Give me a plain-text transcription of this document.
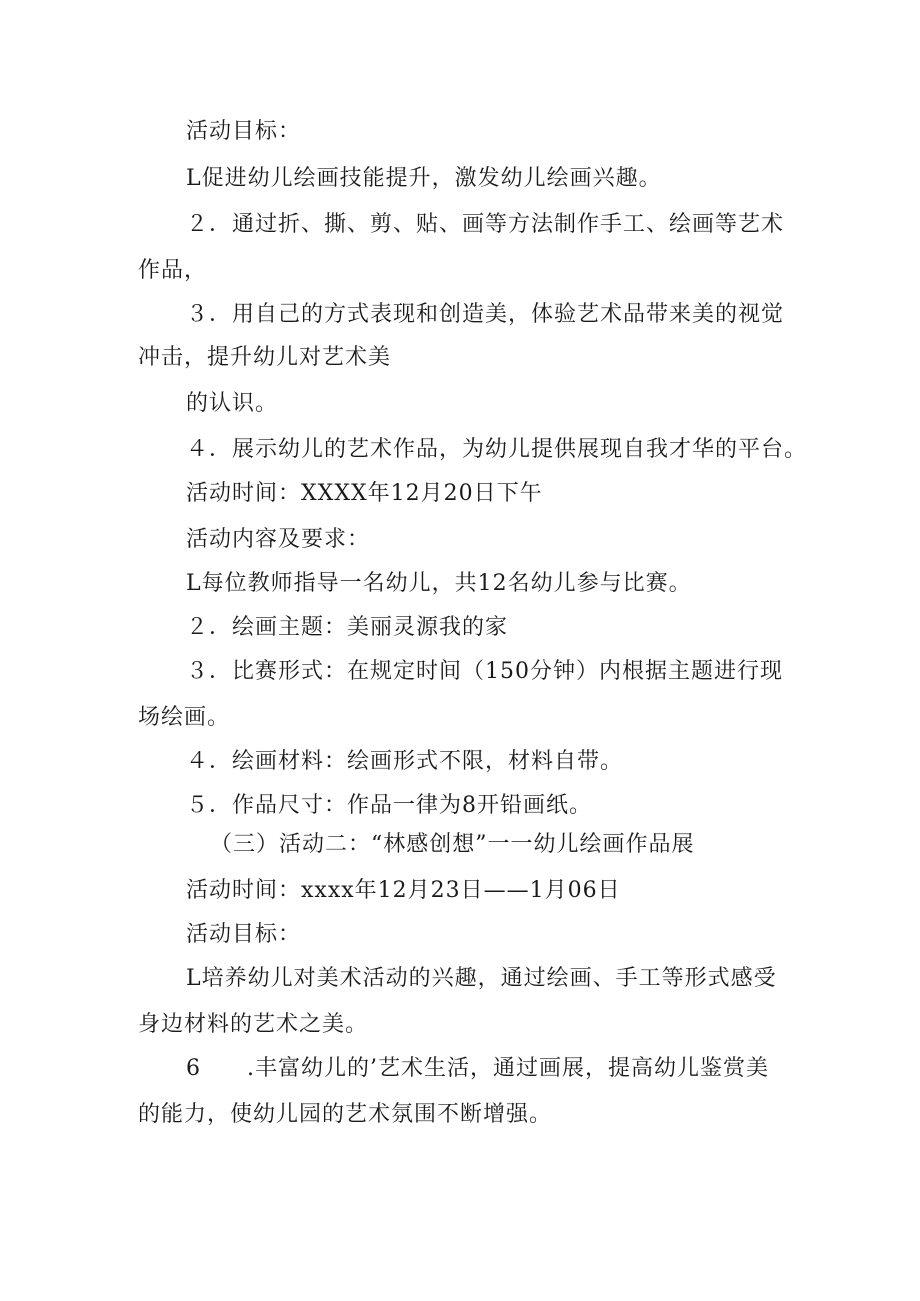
活动目标：
L促进幼儿绘画技能提升，激发幼儿绘画兴趣。
２．通过折、撕、剪、贴、画等方法制作手工、绘画等艺术
作品，
３．用自己的方式表现和创造美，体验艺术品带来美的视觉
冲击，提升幼儿对艺术美
的认识。
４．展示幼儿的艺术作品，为幼儿提供展现自我才华的平台。
活动时间：XXXX年12月20日下午
活动内容及要求：
L每位教师指导一名幼儿，共12名幼儿参与比赛。
２．绘画主题：美丽灵源我的家
３．比赛形式：在规定时间（150分钟）内根据主题进行现
场绘画。
４．绘画材料：绘画形式不限，材料自带。
５．作品尺寸：作品一律为8开铅画纸。
（三）活动二：“林感创想”一一幼儿绘画作品展
活动时间：xxxx年12月23日——1月06日
活动目标：
L培养幼儿对美术活动的兴趣，通过绘画、手工等形式感受
身边材料的艺术之美。
6　　.丰富幼儿的’艺术生活，通过画展，提高幼儿鉴赏美
的能力，使幼儿园的艺术氛围不断增强。
